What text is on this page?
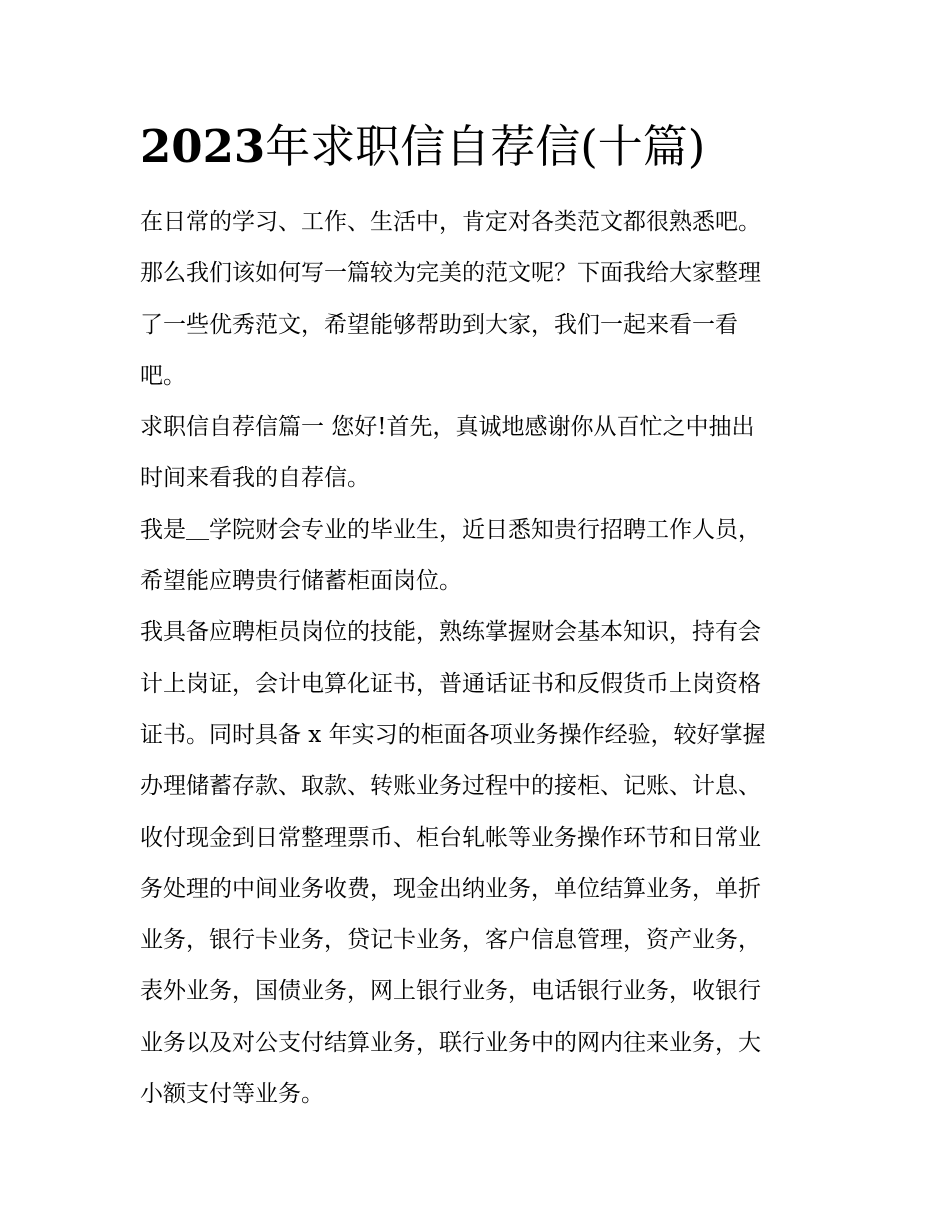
2023年求职信自荐信(十篇)
在日常的学习、工作、生活中，肯定对各类范文都很熟悉吧。
那么我们该如何写一篇较为完美的范文呢？下面我给大家整理
了一些优秀范文，希望能够帮助到大家，我们一起来看一看
吧。
求职信自荐信篇一 您好!首先，真诚地感谢你从百忙之中抽出
时间来看我的自荐信。
我是＿学院财会专业的毕业生，近日悉知贵行招聘工作人员，
希望能应聘贵行储蓄柜面岗位。
我具备应聘柜员岗位的技能，熟练掌握财会基本知识，持有会
计上岗证，会计电算化证书，普通话证书和反假货币上岗资格
证书。同时具备 x 年实习的柜面各项业务操作经验，较好掌握
办理储蓄存款、取款、转账业务过程中的接柜、记账、计息、
收付现金到日常整理票币、柜台轧帐等业务操作环节和日常业
务处理的中间业务收费，现金出纳业务，单位结算业务，单折
业务，银行卡业务，贷记卡业务，客户信息管理，资产业务，
表外业务，国债业务，网上银行业务，电话银行业务，收银行
业务以及对公支付结算业务，联行业务中的网内往来业务，大
小额支付等业务。
